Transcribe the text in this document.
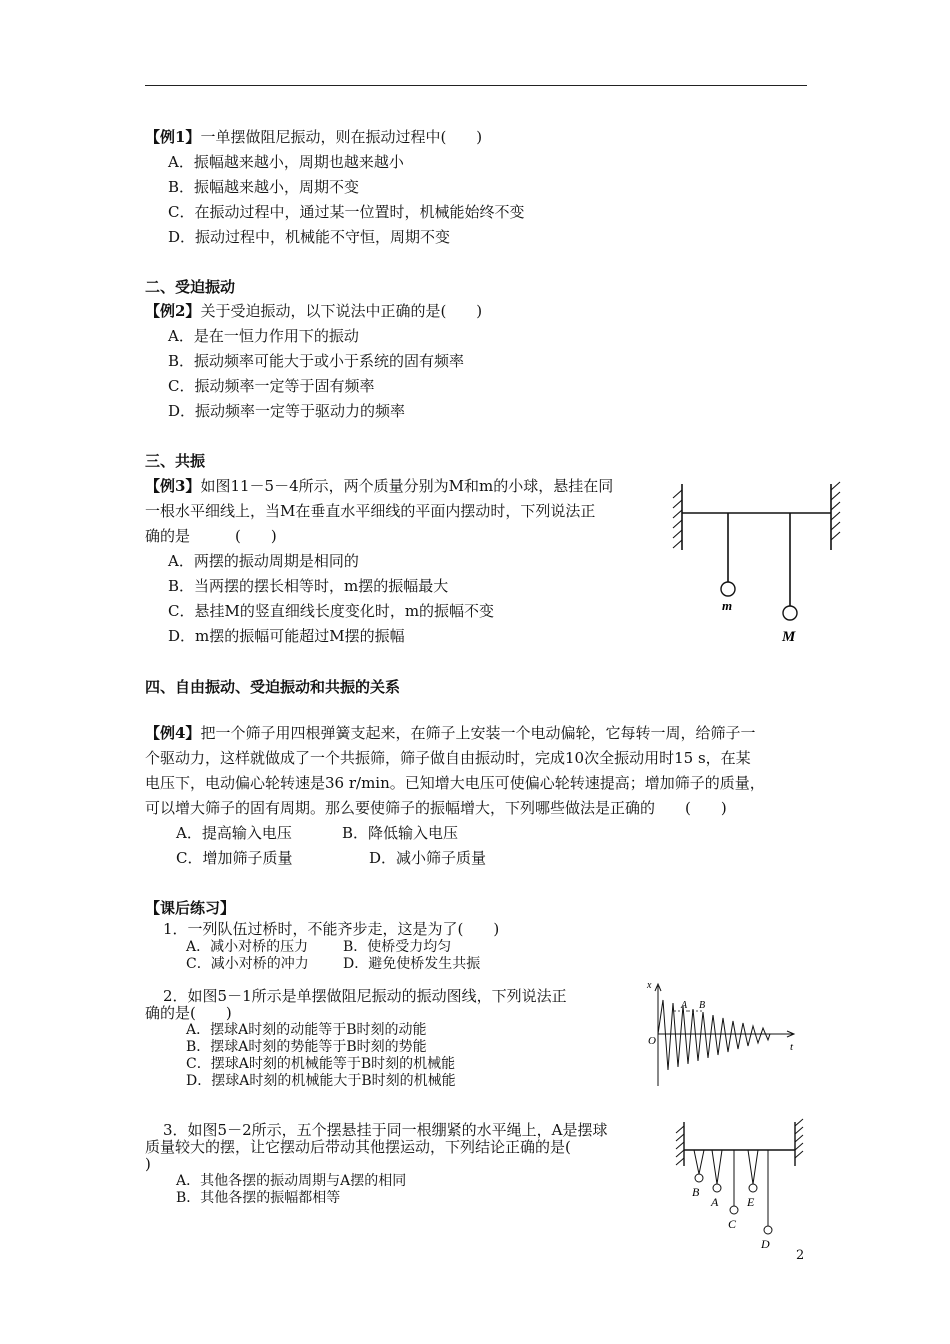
【例1】一单摆做阻尼振动，则在振动过程中(　　)
A．振幅越来越小，周期也越来越小
B．振幅越来越小，周期不变
C．在振动过程中，通过某一位置时，机械能始终不变
D．振动过程中，机械能不守恒，周期不变
二、受迫振动
【例2】关于受迫振动，以下说法中正确的是(　　)
A．是在一恒力作用下的振动
B．振动频率可能大于或小于系统的固有频率
C．振动频率一定等于固有频率
D．振动频率一定等于驱动力的频率
三、共振
【例3】如图11－5－4所示，两个质量分别为M和m的小球，悬挂在同
一根水平细线上，当M在垂直水平细线的平面内摆动时，下列说法正
确的是　　　(　　)
A．两摆的振动周期是相同的
B．当两摆的摆长相等时，m摆的振幅最大
C．悬挂M的竖直细线长度变化时，m的振幅不变
D．m摆的振幅可能超过M摆的振幅
m
M
四、自由振动、受迫振动和共振的关系
【例4】把一个筛子用四根弹簧支起来，在筛子上安装一个电动偏轮，它每转一周，给筛子一
个驱动力，这样就做成了一个共振筛，筛子做自由振动时，完成10次全振动用时15 s，在某
电压下，电动偏心轮转速是36 r/min。已知增大电压可使偏心轮转速提高；增加筛子的质量，
可以增大筛子的固有周期。那么要使筛子的振幅增大，下列哪些做法是正确的　　(　　)
A．提高输入电压	B．降低输入电压
C．增加筛子质量	D．减小筛子质量
【课后练习】
1．一列队伍过桥时，不能齐步走，这是为了(　　)
A．减小对桥的压力 B．使桥受力均匀
C．减小对桥的冲力 D．避免使桥发生共振
2．如图5－1所示是单摆做阻尼振动的振动图线，下列说法正
确的是(　　)
A．摆球A时刻的动能等于B时刻的动能
B．摆球A时刻的势能等于B时刻的势能
C．摆球A时刻的机械能等于B时刻的机械能
D．摆球A时刻的机械能大于B时刻的机械能
x
O	t
A B
3．如图5－2所示，五个摆悬挂于同一根绷紧的水平绳上，A是摆球
质量较大的摆，让它摆动后带动其他摆运动，下列结论正确的是(
)
A．其他各摆的振动周期与A摆的相同
B．其他各摆的振幅都相等	B
A E
C
D
2
